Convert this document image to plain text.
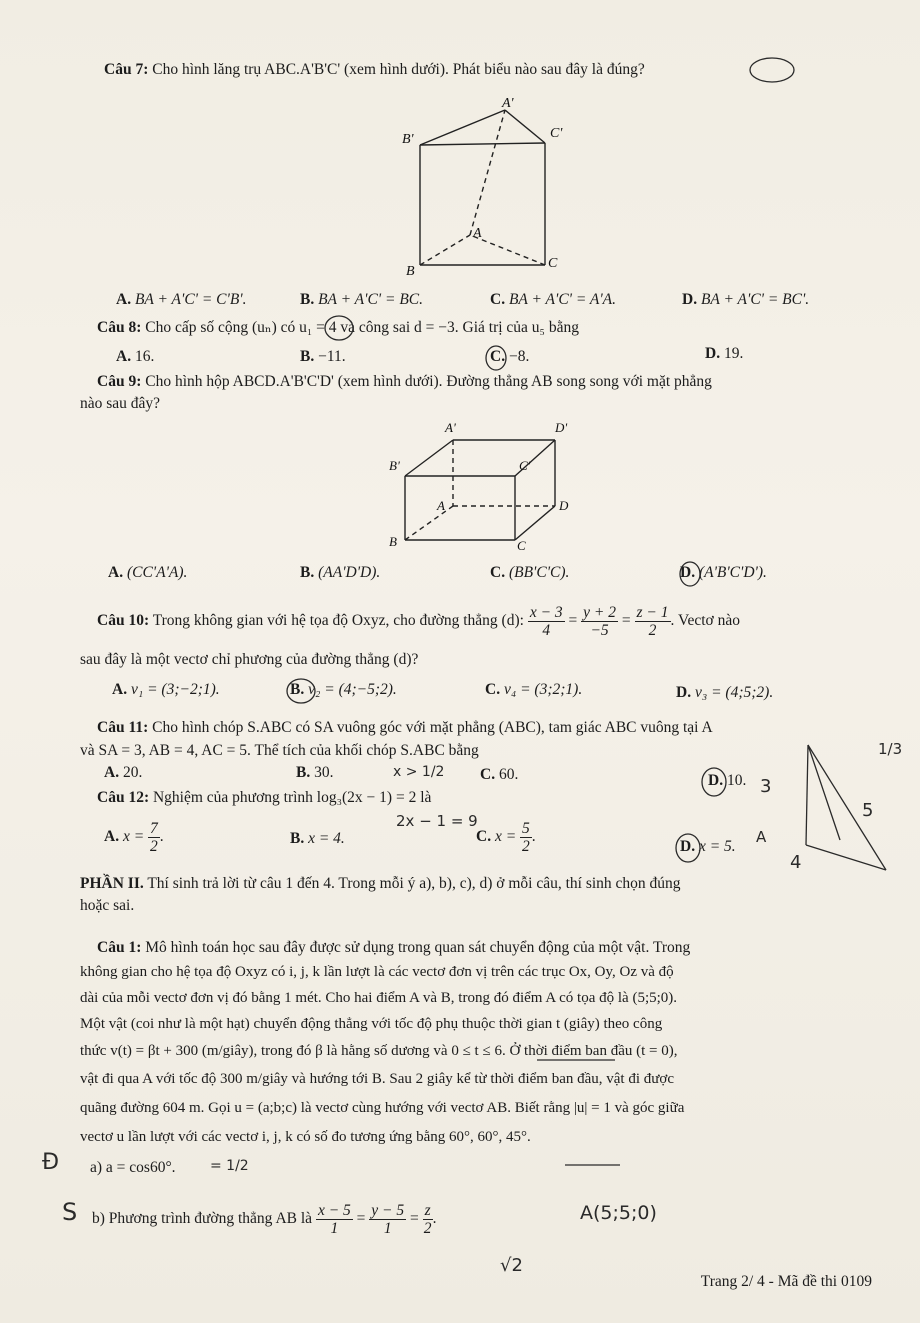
Câu 7: Cho hình lăng trụ ABC.A'B'C' (xem hình dưới). Phát biểu nào sau đây là đúng?
A'
B'	C'
A
B
C
A. BA + A'C' = C'B'.	B. BA + A'C' = BC.	C. BA + A'C' = A'A.	D. BA + A'C' = BC'.
Câu 8: Cho cấp số cộng (uₙ) có u₁ = 4 và công sai d = −3. Giá trị của u₅ bằng
A. 16.	B. −11.	C. −8.	D. 19.
Câu 9: Cho hình hộp ABCD.A'B'C'D' (xem hình dưới). Đường thẳng AB song song với mặt phẳng
nào sau đây?
A'	D'
B'	C'
A	D
B	C
A. (CC'A'A).	B. (AA'D'D).	C. (BB'C'C).	D. (A'B'C'D').
Câu 10: Trong không gian với hệ tọa độ Oxyz, cho đường thẳng (d): $\frac{x - 3}{4} = \frac{y + 2}{-5} = \frac{z - 1}{2}$ . Vectơ nào
sau đây là một vectơ chỉ phương của đường thẳng (d)?
A. v₁ = (3;−2;1).	B. v₂ = (4;−5;2).	C. v₄ = (3;2;1).	D. v₃ = (4;5;2).
Câu 11: Cho hình chóp S.ABC có SA vuông góc với mặt phẳng (ABC), tam giác ABC vuông tại A
và SA = 3, AB = 4, AC = 5. Thể tích của khối chóp S.ABC bằng
A. 20.	B. 30.	C. 60.	D. 10.
Câu 12: Nghiệm của phương trình log₃(2x − 1) = 2 là
A. $x = \frac{7}{2}$ .	B. x = 4.	C. $x = \frac{5}{2}$ .
D. x = 5.
PHẦN II. Thí sinh trả lời từ câu 1 đến 4. Trong mỗi ý a), b), c), d) ở mỗi câu, thí sinh chọn đúng
hoặc sai.
Câu 1: Mô hình toán học sau đây được sử dụng trong quan sát chuyển động của một vật. Trong
không gian cho hệ tọa độ Oxyz có i, j, k lần lượt là các vectơ đơn vị trên các trục Ox, Oy, Oz và độ
dài của mỗi vectơ đơn vị đó bằng 1 mét. Cho hai điểm A và B, trong đó điểm A có tọa độ là (5;5;0).
Một vật (coi như là một hạt) chuyển động thẳng với tốc độ phụ thuộc thời gian t (giây) theo công
thức v(t) = βt + 300 (m/giây), trong đó β là hằng số dương và 0 ≤ t ≤ 6. Ở thời điểm ban đầu (t = 0),
vật đi qua A với tốc độ 300 m/giây và hướng tới B. Sau 2 giây kể từ thời điểm ban đầu, vật đi được
quãng đường 604 m. Gọi u = (a;b;c) là vectơ cùng hướng với vectơ AB. Biết rằng |u| = 1 và góc giữa
vectơ u lần lượt với các vectơ i, j, k có số đo tương ứng bằng 60°, 60°, 45°.
a) a = cos60°.
b) Phương trình đường thẳng AB là $\frac{x - 5}{1} = \frac{y - 5}{1} = \frac{z}{2}$ .
x > 1/2
2x − 1 = 9
= 1/2
A(5;5;0)
√2
Đ
S
3
1/3
5
4
A
Trang 2/ 4 - Mã đề thi 0109
